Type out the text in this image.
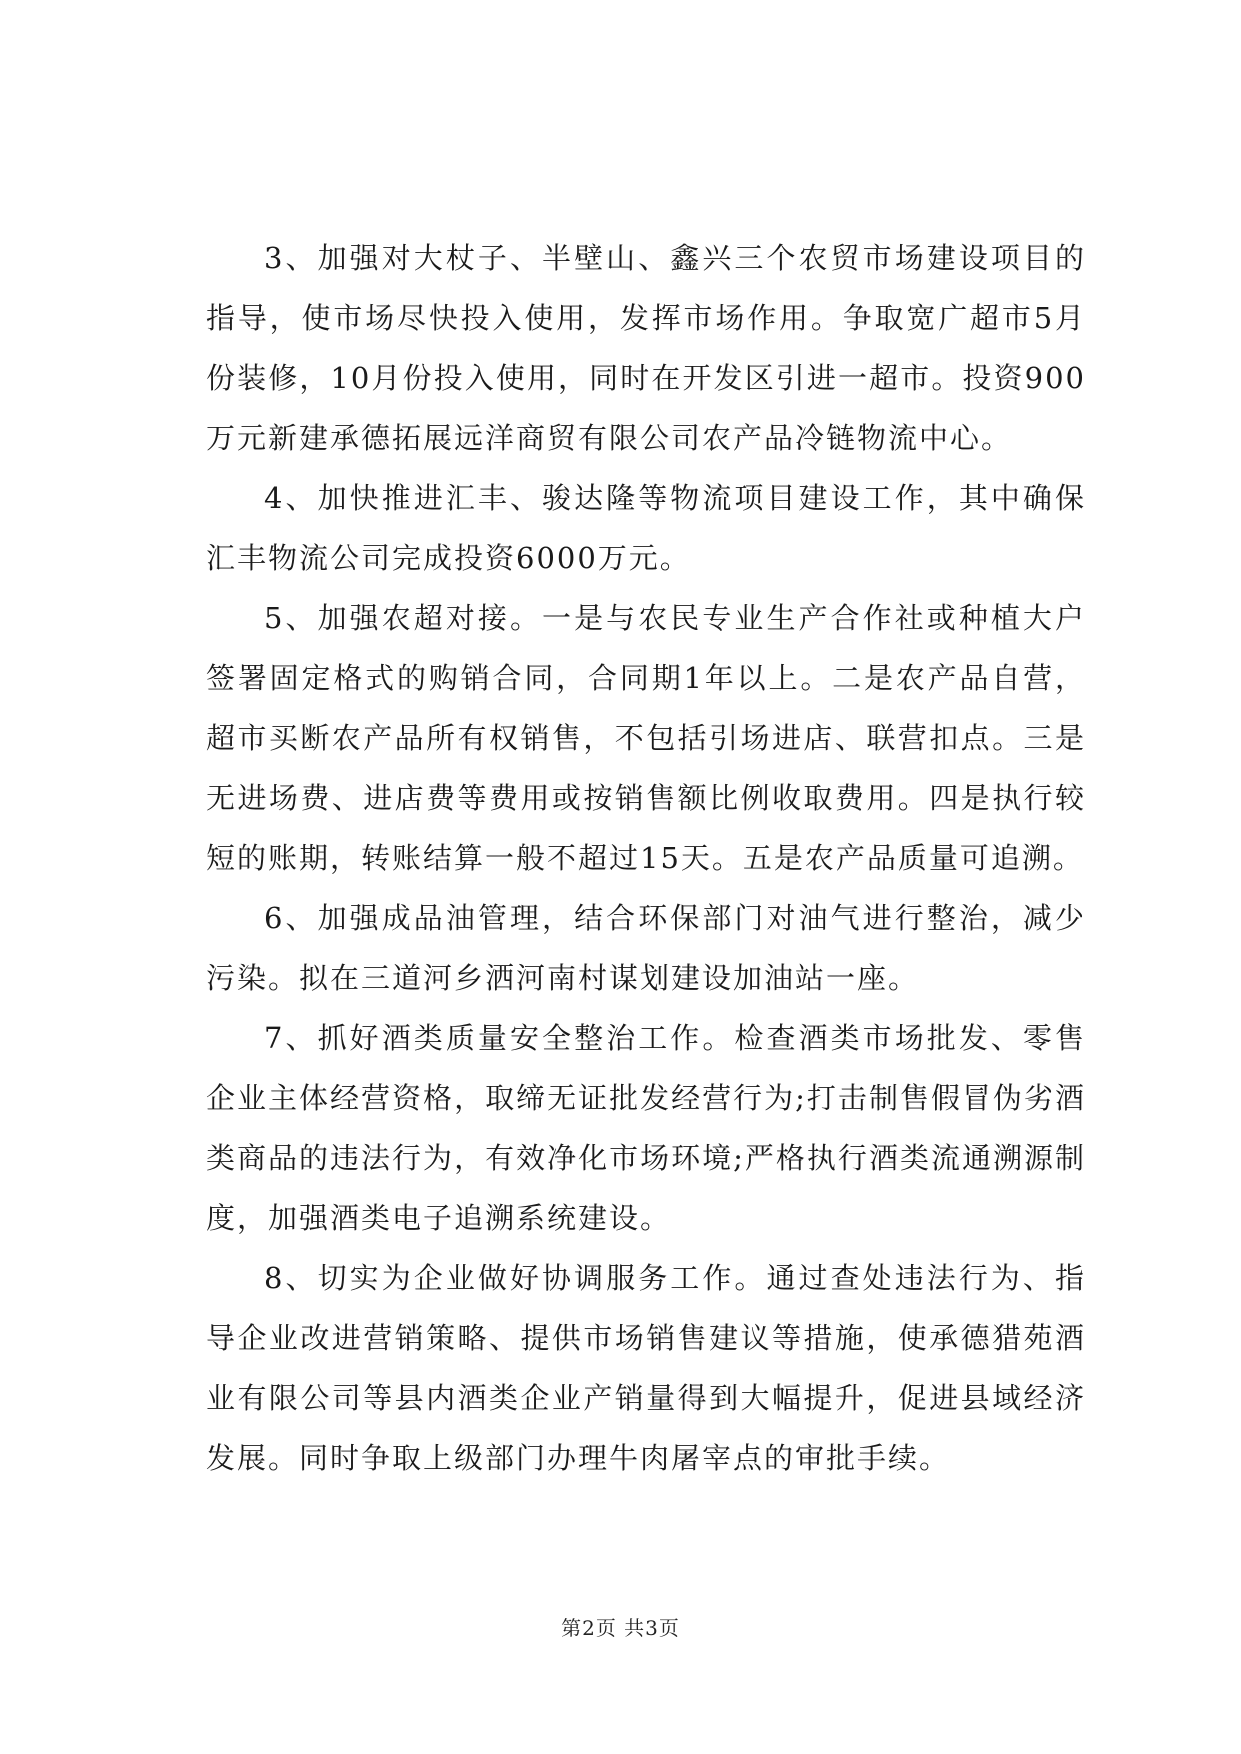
3、加强对大杖子、半壁山、鑫兴三个农贸市场建设项目的指导，使市场尽快投入使用，发挥市场作用。争取宽广超市5月份装修，10月份投入使用，同时在开发区引进一超市。投资900万元新建承德拓展远洋商贸有限公司农产品冷链物流中心。

4、加快推进汇丰、骏达隆等物流项目建设工作，其中确保汇丰物流公司完成投资6000万元。

5、加强农超对接。一是与农民专业生产合作社或种植大户签署固定格式的购销合同，合同期1年以上。二是农产品自营，超市买断农产品所有权销售，不包括引场进店、联营扣点。三是无进场费、进店费等费用或按销售额比例收取费用。四是执行较短的账期，转账结算一般不超过15天。五是农产品质量可追溯。

6、加强成品油管理，结合环保部门对油气进行整治，减少污染。拟在三道河乡洒河南村谋划建设加油站一座。

7、抓好酒类质量安全整治工作。检查酒类市场批发、零售企业主体经营资格，取缔无证批发经营行为;打击制售假冒伪劣酒类商品的违法行为，有效净化市场环境;严格执行酒类流通溯源制度，加强酒类电子追溯系统建设。

8、切实为企业做好协调服务工作。通过查处违法行为、指导企业改进营销策略、提供市场销售建议等措施，使承德猎苑酒业有限公司等县内酒类企业产销量得到大幅提升，促进县域经济发展。同时争取上级部门办理牛肉屠宰点的审批手续。

第2页 共3页
